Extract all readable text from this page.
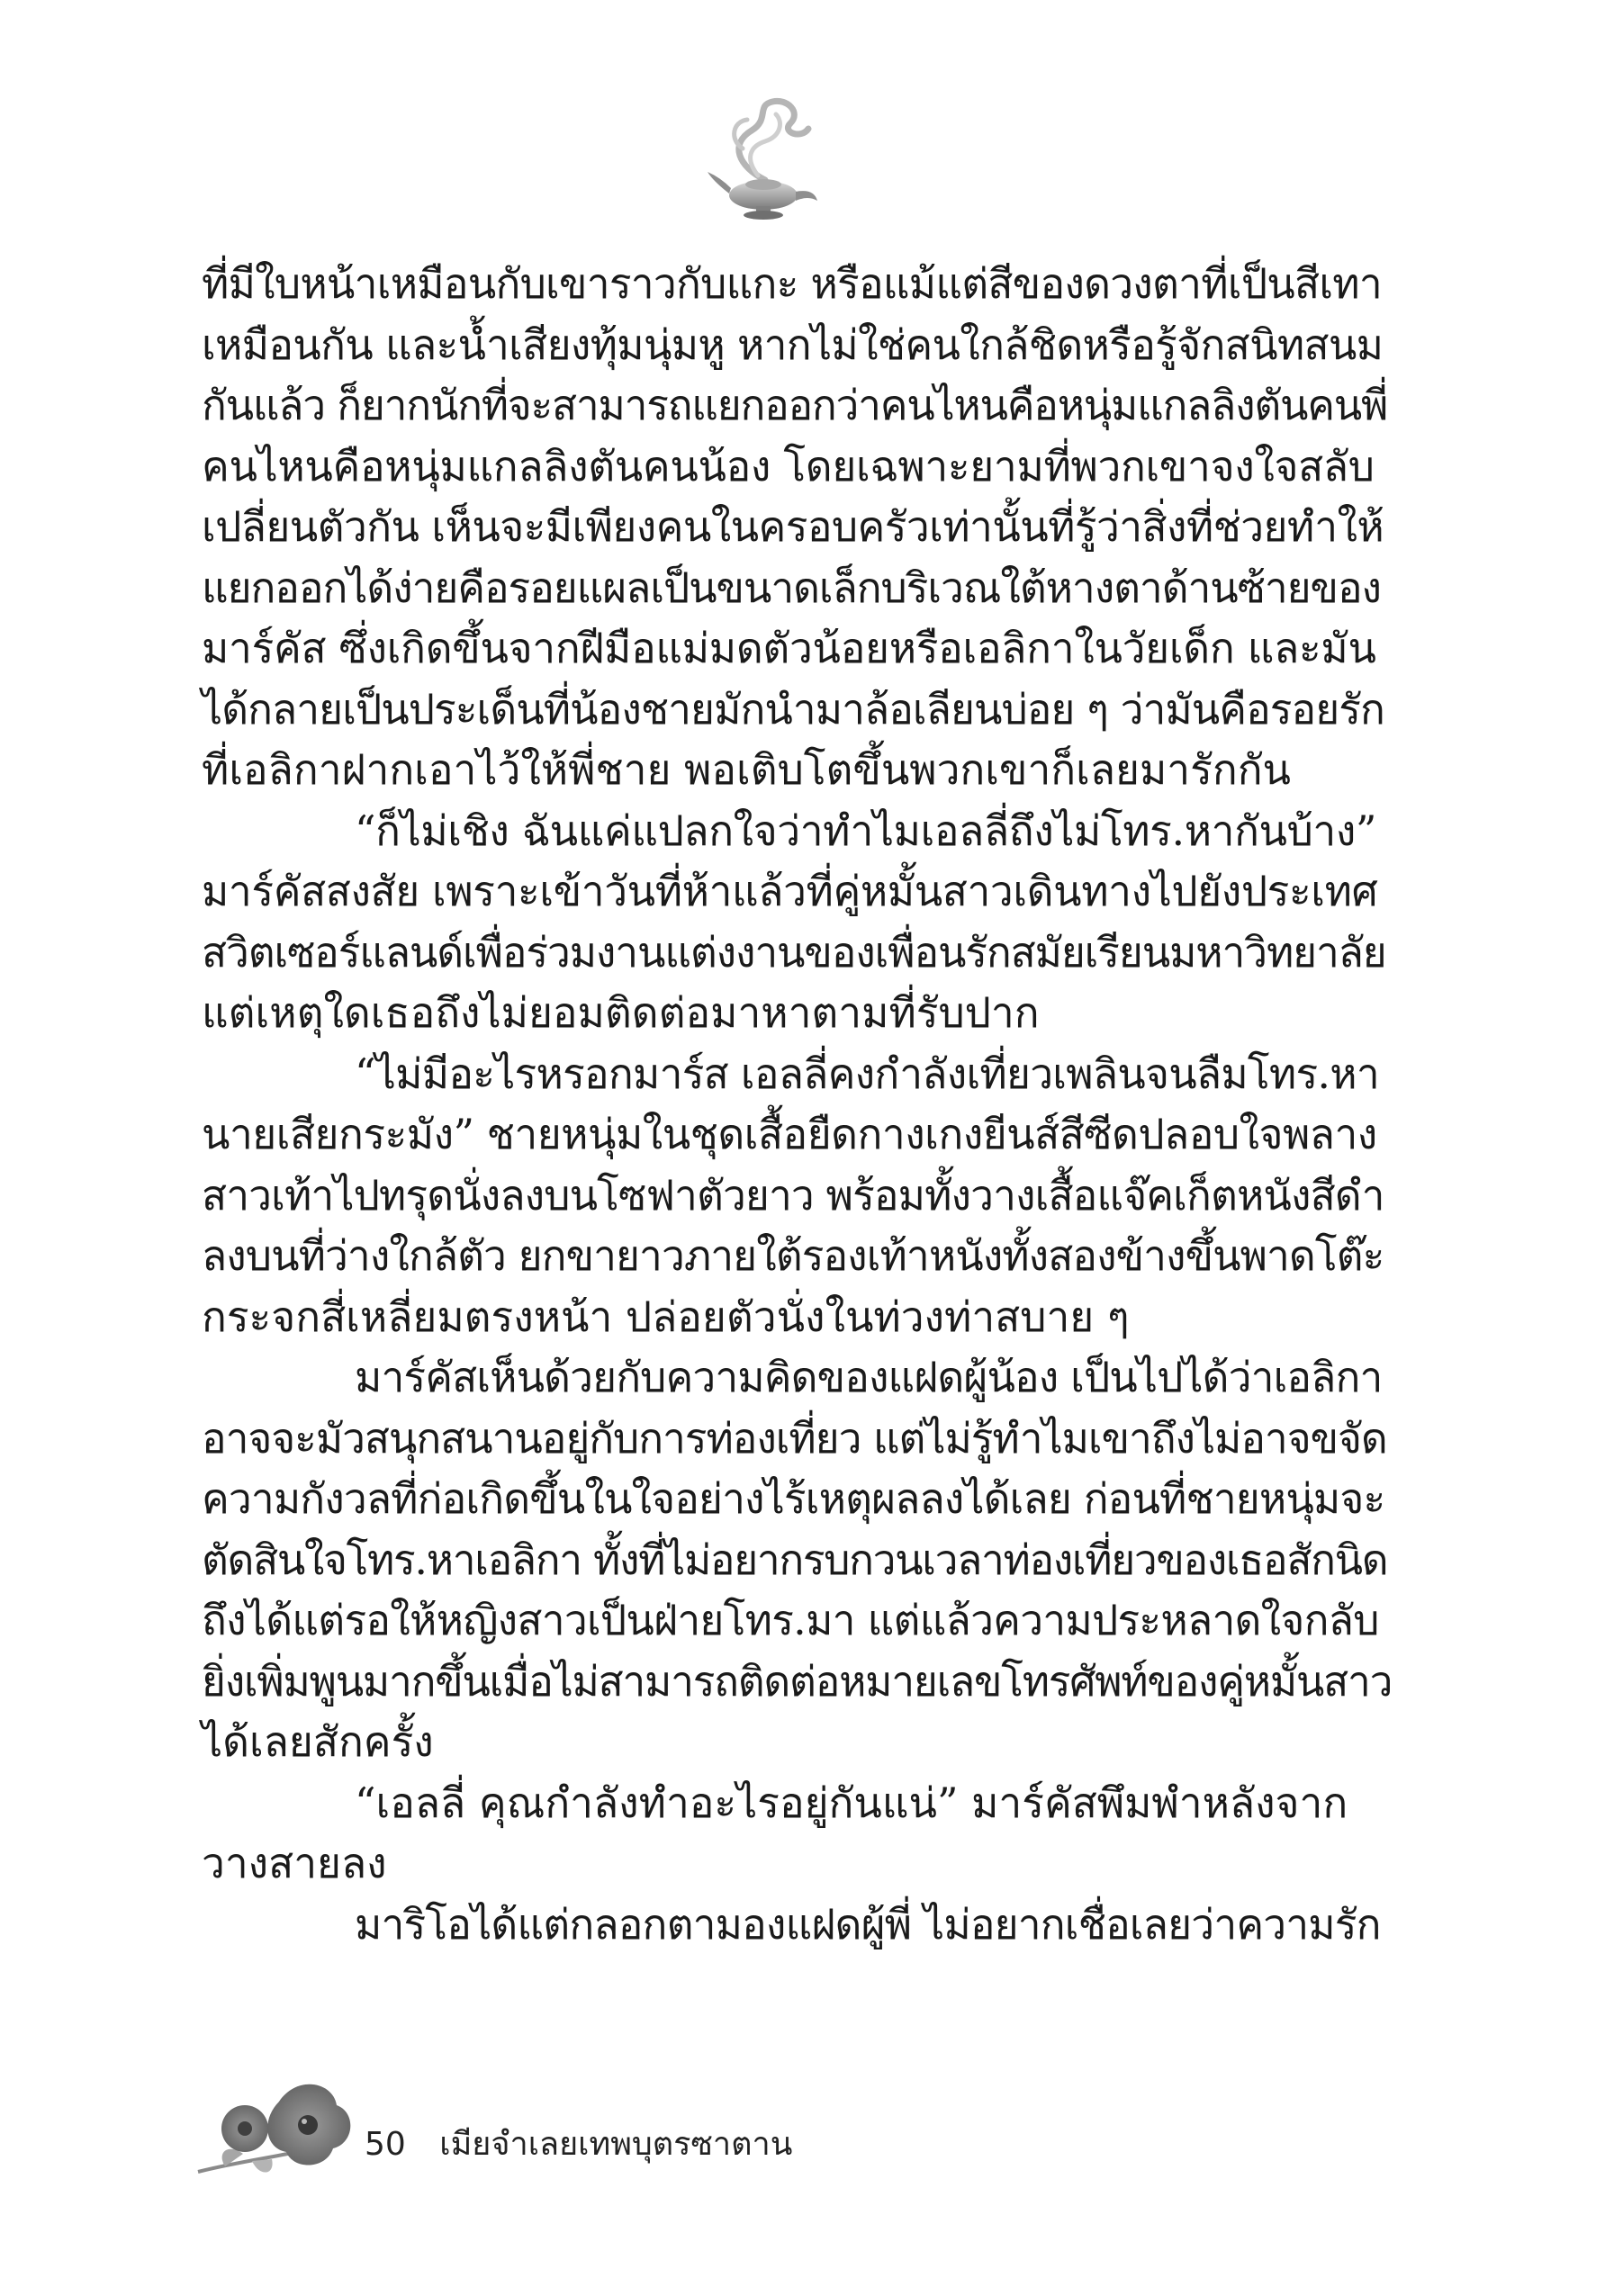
ที่มีใบหน้าเหมือนกับเขาราวกับแกะ หรือแม้แต่สีของดวงตาที่เป็นสีเทา
เหมือนกัน และน้ำเสียงทุ้มนุ่มหู หากไม่ใช่คนใกล้ชิดหรือรู้จักสนิทสนม
กันแล้ว ก็ยากนักที่จะสามารถแยกออกว่าคนไหนคือหนุ่มแกลลิงตันคนพี่
คนไหนคือหนุ่มแกลลิงตันคนน้อง โดยเฉพาะยามที่พวกเขาจงใจสลับ
เปลี่ยนตัวกัน เห็นจะมีเพียงคนในครอบครัวเท่านั้นที่รู้ว่าสิ่งที่ช่วยทำให้
แยกออกได้ง่ายคือรอยแผลเป็นขนาดเล็กบริเวณใต้หางตาด้านซ้ายของ
มาร์คัส ซึ่งเกิดขึ้นจากฝีมือแม่มดตัวน้อยหรือเอลิกาในวัยเด็ก และมัน
ได้กลายเป็นประเด็นที่น้องชายมักนำมาล้อเลียนบ่อย ๆ ว่ามันคือรอยรัก
ที่เอลิกาฝากเอาไว้ให้พี่ชาย พอเติบโตขึ้นพวกเขาก็เลยมารักกัน
“ก็ไม่เชิง ฉันแค่แปลกใจว่าทำไมเอลลี่ถึงไม่โทร.หากันบ้าง”
มาร์คัสสงสัย เพราะเข้าวันที่ห้าแล้วที่คู่หมั้นสาวเดินทางไปยังประเทศ
สวิตเซอร์แลนด์เพื่อร่วมงานแต่งงานของเพื่อนรักสมัยเรียนมหาวิทยาลัย
แต่เหตุใดเธอถึงไม่ยอมติดต่อมาหาตามที่รับปาก
“ไม่มีอะไรหรอกมาร์ส เอลลี่คงกำลังเที่ยวเพลินจนลืมโทร.หา
นายเสียกระมัง” ชายหนุ่มในชุดเสื้อยืดกางเกงยีนส์สีซีดปลอบใจพลาง
สาวเท้าไปทรุดนั่งลงบนโซฟาตัวยาว พร้อมทั้งวางเสื้อแจ๊คเก็ตหนังสีดำ
ลงบนที่ว่างใกล้ตัว ยกขายาวภายใต้รองเท้าหนังทั้งสองข้างขึ้นพาดโต๊ะ
กระจกสี่เหลี่ยมตรงหน้า ปล่อยตัวนั่งในท่วงท่าสบาย ๆ
มาร์คัสเห็นด้วยกับความคิดของแฝดผู้น้อง เป็นไปได้ว่าเอลิกา
อาจจะมัวสนุกสนานอยู่กับการท่องเที่ยว แต่ไม่รู้ทำไมเขาถึงไม่อาจขจัด
ความกังวลที่ก่อเกิดขึ้นในใจอย่างไร้เหตุผลลงได้เลย ก่อนที่ชายหนุ่มจะ
ตัดสินใจโทร.หาเอลิกา ทั้งที่ไม่อยากรบกวนเวลาท่องเที่ยวของเธอสักนิด
ถึงได้แต่รอให้หญิงสาวเป็นฝ่ายโทร.มา แต่แล้วความประหลาดใจกลับ
ยิ่งเพิ่มพูนมากขึ้นเมื่อไม่สามารถติดต่อหมายเลขโทรศัพท์ของคู่หมั้นสาว
ได้เลยสักครั้ง
“เอลลี่ คุณกำลังทำอะไรอยู่กันแน่” มาร์คัสพึมพำหลังจาก
วางสายลง
มาริโอได้แต่กลอกตามองแฝดผู้พี่ ไม่อยากเชื่อเลยว่าความรัก
50 เมียจำเลยเทพบุตรซาตาน
